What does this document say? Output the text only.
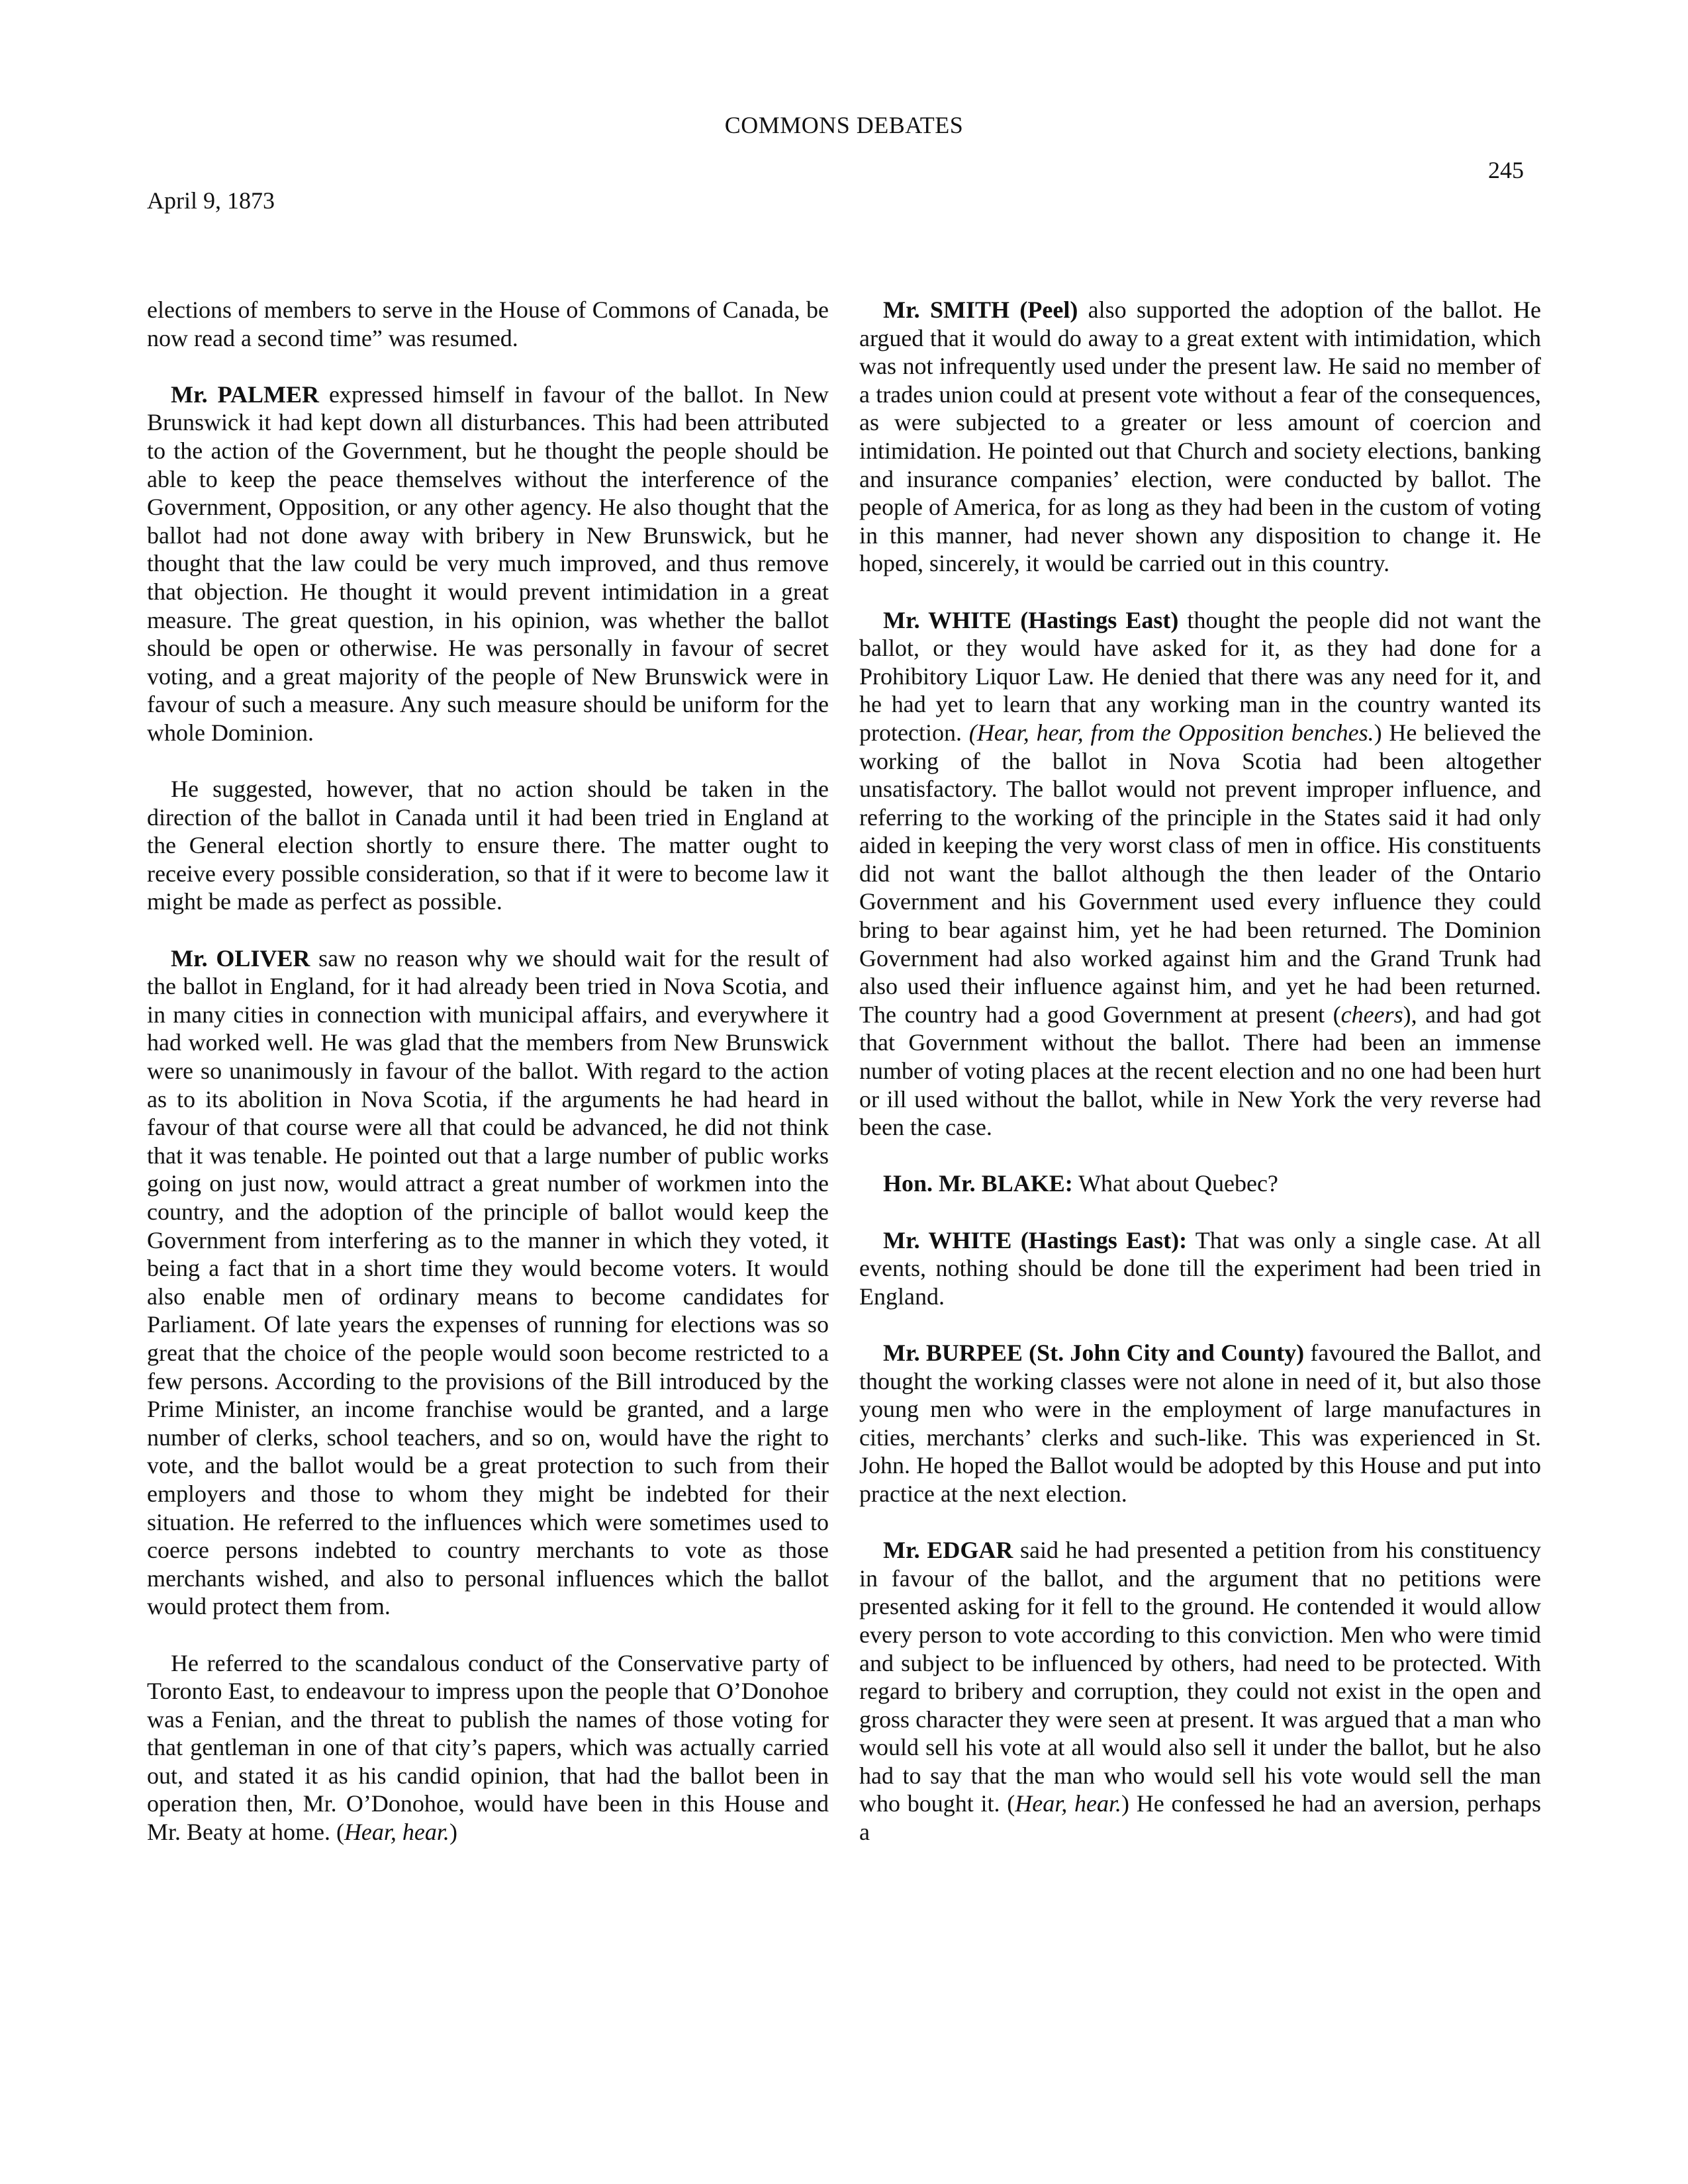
COMMONS DEBATES
245
April 9, 1873

elections of members to serve in the House of Commons of Canada, be now read a second time” was resumed.

Mr. PALMER expressed himself in favour of the ballot. In New Brunswick it had kept down all disturbances. This had been attributed to the action of the Government, but he thought the people should be able to keep the peace themselves without the interference of the Government, Opposition, or any other agency. He also thought that the ballot had not done away with bribery in New Brunswick, but he thought that the law could be very much improved, and thus remove that objection. He thought it would prevent intimidation in a great measure. The great question, in his opinion, was whether the ballot should be open or otherwise. He was personally in favour of secret voting, and a great majority of the people of New Brunswick were in favour of such a measure. Any such measure should be uniform for the whole Dominion.

He suggested, however, that no action should be taken in the direction of the ballot in Canada until it had been tried in England at the General election shortly to ensure there. The matter ought to receive every possible consideration, so that if it were to become law it might be made as perfect as possible.

Mr. OLIVER saw no reason why we should wait for the result of the ballot in England, for it had already been tried in Nova Scotia, and in many cities in connection with municipal affairs, and everywhere it had worked well. He was glad that the members from New Brunswick were so unanimously in favour of the ballot. With regard to the action as to its abolition in Nova Scotia, if the arguments he had heard in favour of that course were all that could be advanced, he did not think that it was tenable. He pointed out that a large number of public works going on just now, would attract a great number of workmen into the country, and the adoption of the principle of ballot would keep the Government from interfering as to the manner in which they voted, it being a fact that in a short time they would become voters. It would also enable men of ordinary means to become candidates for Parliament. Of late years the expenses of running for elections was so great that the choice of the people would soon become restricted to a few persons. According to the provisions of the Bill introduced by the Prime Minister, an income franchise would be granted, and a large number of clerks, school teachers, and so on, would have the right to vote, and the ballot would be a great protection to such from their employers and those to whom they might be indebted for their situation. He referred to the influences which were sometimes used to coerce persons indebted to country merchants to vote as those merchants wished, and also to personal influences which the ballot would protect them from.

He referred to the scandalous conduct of the Conservative party of Toronto East, to endeavour to impress upon the people that O’Donohoe was a Fenian, and the threat to publish the names of those voting for that gentleman in one of that city’s papers, which was actually carried out, and stated it as his candid opinion, that had the ballot been in operation then, Mr. O’Donohoe, would have been in this House and Mr. Beaty at home. (Hear, hear.)

Mr. SMITH (Peel) also supported the adoption of the ballot. He argued that it would do away to a great extent with intimidation, which was not infrequently used under the present law. He said no member of a trades union could at present vote without a fear of the consequences, as were subjected to a greater or less amount of coercion and intimidation. He pointed out that Church and society elections, banking and insurance companies’ election, were conducted by ballot. The people of America, for as long as they had been in the custom of voting in this manner, had never shown any disposition to change it. He hoped, sincerely, it would be carried out in this country.

Mr. WHITE (Hastings East) thought the people did not want the ballot, or they would have asked for it, as they had done for a Prohibitory Liquor Law. He denied that there was any need for it, and he had yet to learn that any working man in the country wanted its protection. (Hear, hear, from the Opposition benches.) He believed the working of the ballot in Nova Scotia had been altogether unsatisfactory. The ballot would not prevent improper influence, and referring to the working of the principle in the States said it had only aided in keeping the very worst class of men in office. His constituents did not want the ballot although the then leader of the Ontario Government and his Government used every influence they could bring to bear against him, yet he had been returned. The Dominion Government had also worked against him and the Grand Trunk had also used their influence against him, and yet he had been returned. The country had a good Government at present (cheers), and had got that Government without the ballot. There had been an immense number of voting places at the recent election and no one had been hurt or ill used without the ballot, while in New York the very reverse had been the case.

Hon. Mr. BLAKE: What about Quebec?

Mr. WHITE (Hastings East): That was only a single case. At all events, nothing should be done till the experiment had been tried in England.

Mr. BURPEE (St. John City and County) favoured the Ballot, and thought the working classes were not alone in need of it, but also those young men who were in the employment of large manufactures in cities, merchants’ clerks and such-like. This was experienced in St. John. He hoped the Ballot would be adopted by this House and put into practice at the next election.

Mr. EDGAR said he had presented a petition from his constituency in favour of the ballot, and the argument that no petitions were presented asking for it fell to the ground. He contended it would allow every person to vote according to this conviction. Men who were timid and subject to be influenced by others, had need to be protected. With regard to bribery and corruption, they could not exist in the open and gross character they were seen at present. It was argued that a man who would sell his vote at all would also sell it under the ballot, but he also had to say that the man who would sell his vote would sell the man who bought it. (Hear, hear.) He confessed he had an aversion, perhaps a
